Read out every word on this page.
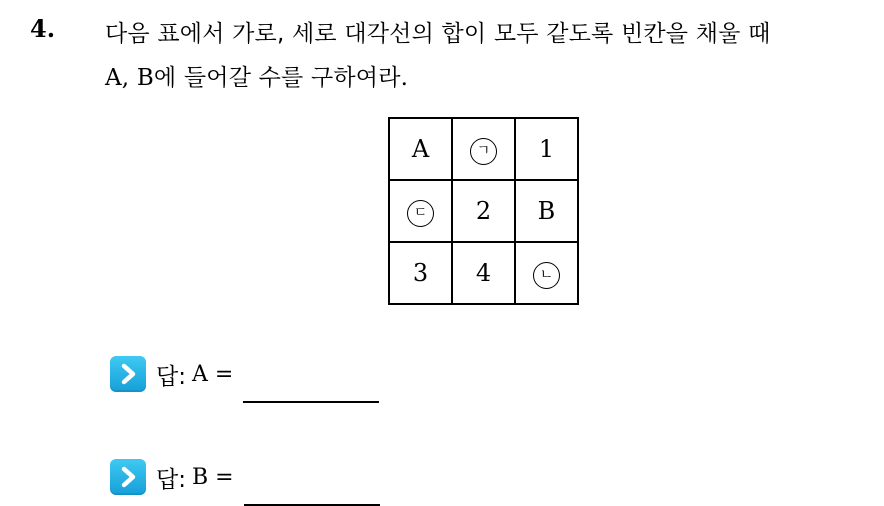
4. 다음 표에서 가로, 세로 대각선의 합이 모두 같도록 빈칸을 채울 때
A, B에 들어갈 수를 구하여라.
A	ㄱ	1
ㄷ	2	B
3	4	ㄴ
답: A =
답: B =
